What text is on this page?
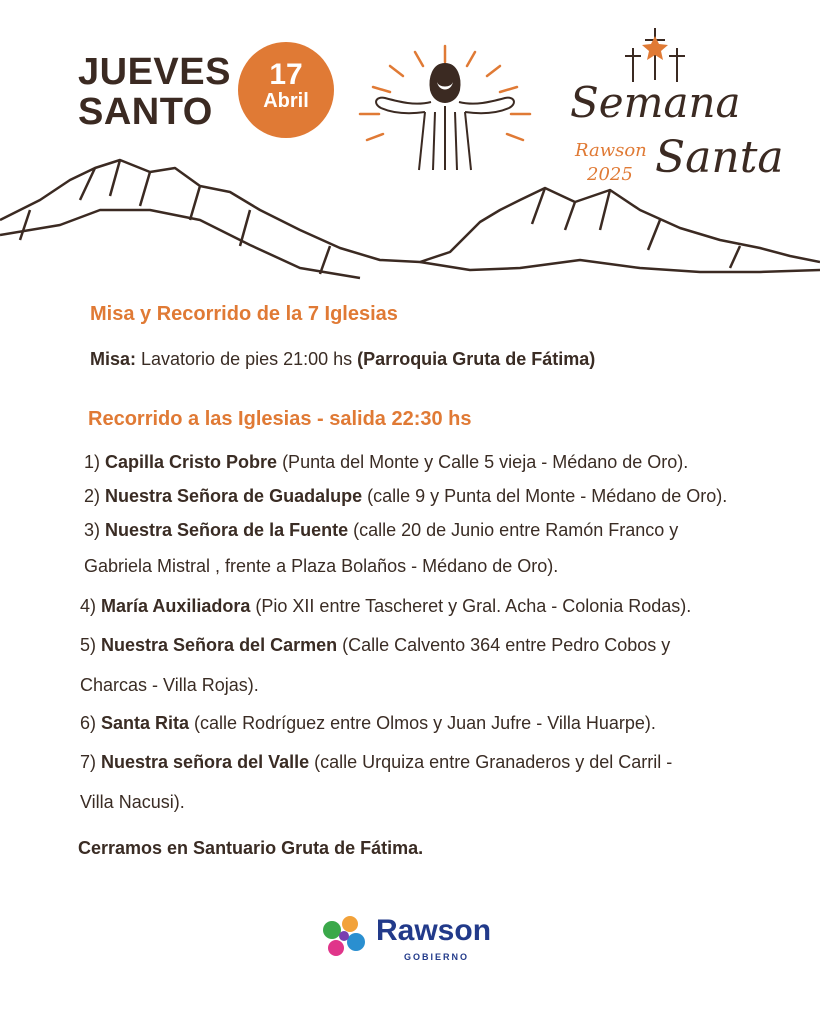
JUEVES
SANTO
17
Abril	Semana
Santa
Rawson
2025
Misa y Recorrido de la 7 Iglesias
Misa: Lavatorio de pies 21:00 hs (Parroquia Gruta de Fátima)
Recorrido a las Iglesias - salida 22:30 hs
1) Capilla Cristo Pobre (Punta del Monte y Calle 5 vieja - Médano de Oro).
2) Nuestra Señora de Guadalupe (calle 9 y Punta del Monte - Médano de Oro).
3) Nuestra Señora de la Fuente (calle 20 de Junio entre Ramón Franco y
Gabriela Mistral , frente a Plaza Bolaños - Médano de Oro).
4) María Auxiliadora (Pio XII entre Tascheret y Gral. Acha - Colonia Rodas).
5) Nuestra Señora del Carmen (Calle Calvento 364 entre Pedro Cobos y
Charcas - Villa Rojas).
6) Santa Rita (calle Rodríguez entre Olmos y Juan Jufre - Villa Huarpe).
7) Nuestra señora del Valle (calle Urquiza entre Granaderos y del Carril -
Villa Nacusi).
Cerramos en Santuario Gruta de Fátima.
Rawson
GOBIERNO
